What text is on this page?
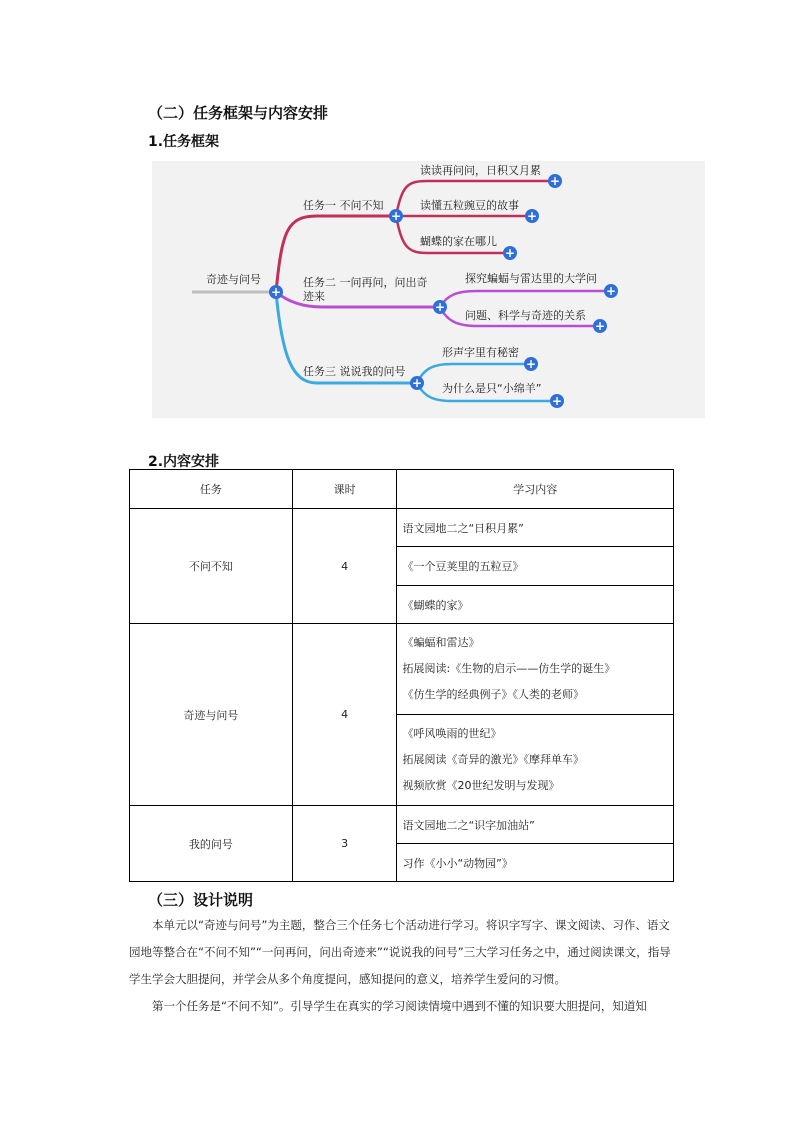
（二）任务框架与内容安排
1.任务框架
奇迹与问号
+
任务一 不问不知
+
读读再问问，日积又月累
+
读懂五粒豌豆的故事
+
蝴蝶的家在哪儿
+
任务二 一问再问，问出奇
迹来
+
探究蝙蝠与雷达里的大学问
+
问题、科学与奇迹的关系
+
任务三 说说我的问号
+
形声字里有秘密
+
为什么是只“小绵羊”
+
2.内容安排
任务	课时	学习内容
不问不知	4	语文园地二之“日积月累”
		《一个豆荚里的五粒豆》
		《蝴蝶的家》
奇迹与问号	4	《蝙蝠和雷达》
拓展阅读:《生物的启示——仿生学的诞生》
《仿生学的经典例子》《人类的老师》

		《呼风唤雨的世纪》
拓展阅读《奇异的激光》《摩拜单车》
视频欣赏《20世纪发明与发现》

我的问号	3	语文园地二之“识字加油站”
		习作《小小“动物园”》
（三）设计说明
本单元以“奇迹与问号”为主题，整合三个任务七个活动进行学习。将识字写字、课文阅读、习作、语文园地等整合在“不问不知”“一问再问，问出奇迹来”“说说我的问号”三大学习任务之中，通过阅读课文，指导学生学会大胆提问，并学会从多个角度提问，感知提问的意义，培养学生爱问的习惯。
第一个任务是“不问不知”。引导学生在真实的学习阅读情境中遇到不懂的知识要大胆提问，知道知
